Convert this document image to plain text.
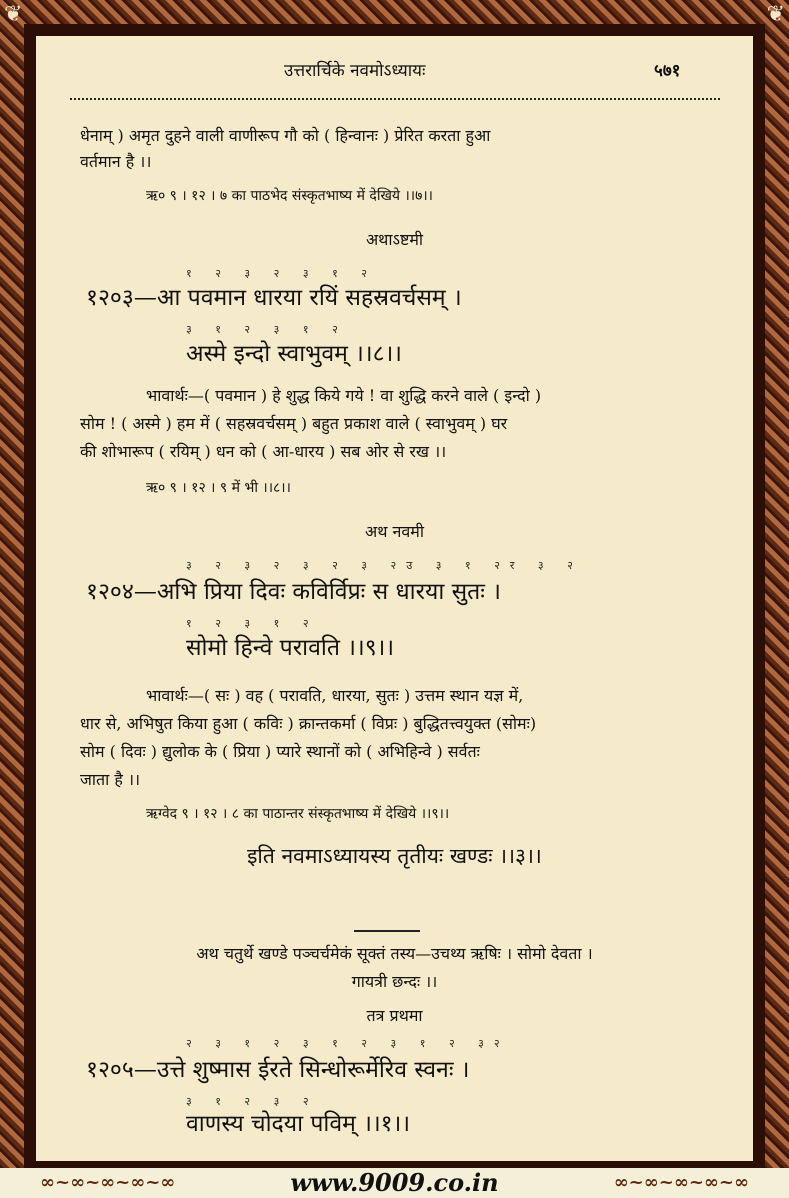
❦	❦
उत्तरार्चिके नवमोऽध्यायः	५७१
धेनाम् ) अमृत दुहने वाली वाणीरूप गौ को ( हिन्वानः ) प्रेरित करता हुआ
वर्तमान है ।।
ऋ० ९ । १२ । ७ का पाठभेद संस्कृतभाष्य में देखिये ।।७।।
अथाऽष्टमी
१ २ ३ २ ३ १ २
१२०३—आ पवमान धारया रयिं सहस्रवर्चसम् ।
३ १ २ ३ १ २
अस्मे इन्दो स्वाभुवम् ।।८।।
भावार्थः—( पवमान ) हे शुद्ध किये गये ! वा शुद्धि करने वाले ( इन्दो )
सोम ! ( अस्मे ) हम में ( सहस्रवर्चसम् ) बहुत प्रकाश वाले ( स्वाभुवम् ) घर
की शोभारूप ( रयिम् ) धन को ( आ-धारय ) सब ओर से रख ।।
ऋ० ९ । १२ । ९ में भी ।।८।।
अथ नवमी
३ २ ३ २ ३ २ ३ २उ ३ १ २र ३ २
१२०४—अभि प्रिया दिवः कविर्विप्रः स धारया सुतः ।
१ २ ३ १ २
सोमो हिन्वे परावति ।।९।।
भावार्थः—( सः ) वह ( परावति, धारया, सुतः ) उत्तम स्थान यज्ञ में,
धार से, अभिषुत किया हुआ ( कविः ) क्रान्तकर्मा ( विप्रः ) बुद्धितत्त्वयुक्त (सोमः)
सोम ( दिवः ) द्युलोक के ( प्रिया ) प्यारे स्थानों को ( अभिहिन्वे ) सर्वतः
जाता है ।।
ऋग्वेद ९ । १२ । ८ का पाठान्तर संस्कृतभाष्य में देखिये ।।९।।
इति नवमाऽध्यायस्य तृतीयः खण्डः ।।३।।
अथ चतुर्थे खण्डे पञ्चर्चमेकं सूक्तं तस्य—उचथ्य ऋषिः । सोमो देवता ।
गायत्री छन्दः ।।
तत्र प्रथमा
२ ३ १ २ ३ १ २ ३ १ २ ३२
१२०५—उत्ते शुष्मास ईरते सिन्धोरूर्मेरिव स्वनः ।
३ १ २ ३ २
वाणस्य चोदया पविम् ।।१।।
∞~∞~∞~∞~∞	www.9009.co.in	∞~∞~∞~∞~∞
